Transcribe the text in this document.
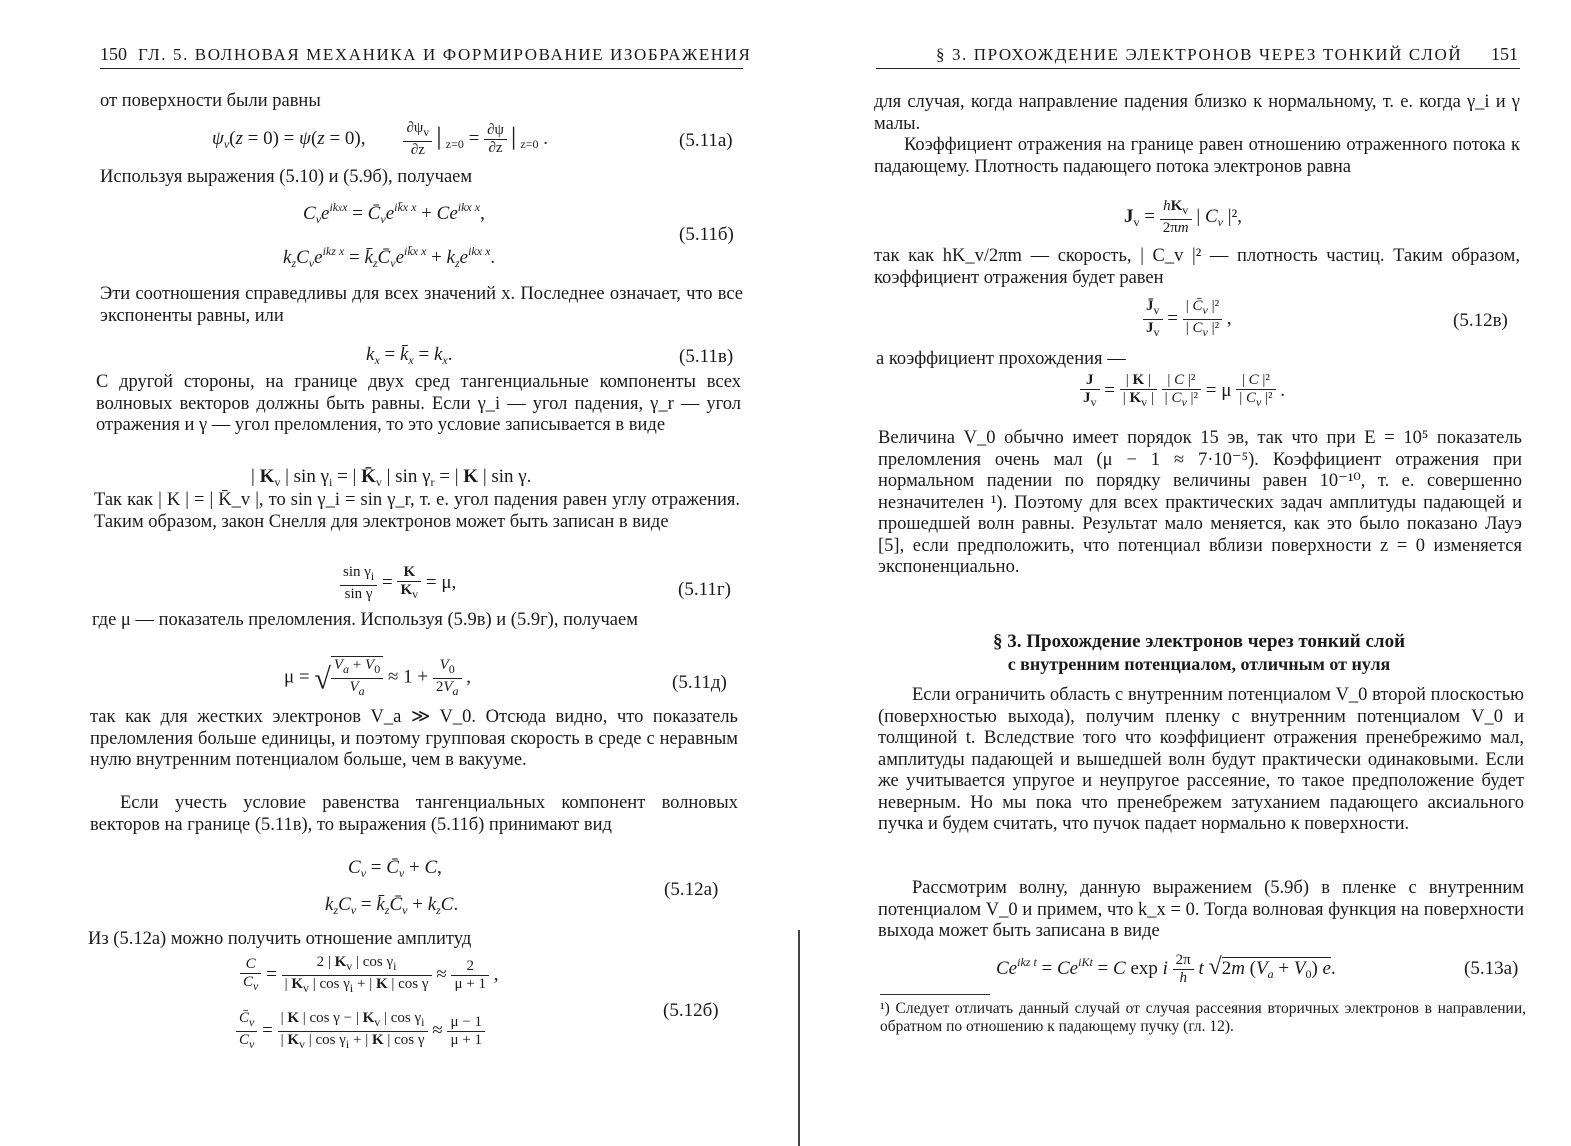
150 ГЛ. 5. ВОЛНОВАЯ МЕХАНИКА И ФОРМИРОВАНИЕ ИЗОБРАЖЕНИЯ
от поверхности были равны
$\psi_v(z = 0) = \psi(z = 0)$, $\frac{\partial\psi_v}{\partial z}$ $│_{z=0} = \frac{\partial\psi}{\partial z}$ $│_{z=0}$ .	(5.11а)
Используя выражения (5.10) и (5.9б), получаем
$C_ve^{ikxx}$ = $C̄_ve^{ik̄x x} + Ce^{ikx x}$,
$k_zC_ve^{ikz x}$ = $k̄_zC̄_ve^{ik̄x x} + k_ze^{ikx x}$.
(5.11б)
Эти соотношения справедливы для всех значений x. Последнее означает, что все экспоненты равны, или
$k_x$ = $k̄_x = k_x$.	(5.11в)
С другой стороны, на границе двух сред тангенциальные компоненты всех волновых векторов должны быть равны. Если γ_i — угол падения, γ_r — угол отражения и γ — угол преломления, то это условие записывается в виде
| $K_v$ | $\sin \gamma_i$ = | $K̄_v$ | $\sin \gamma_r$ = | K | sin γ.
Так как | K | = | K̄_v |, то sin γ_i = sin γ_r, т. е. угол падения равен углу отражения. Таким образом, закон Снелля для электронов может быть записан в виде
$\frac{\sin \gamma_i}{\text{sin γ}} = \frac{K}{K_v} = \mu$,	(5.11г)
где μ — показатель преломления. Используя (5.9в) и (5.9г), получаем
μ = √ $\frac{V_a + V_0}{V_a} \approx 1 + \frac{V_0}{2V_a}$ ,	(5.11д)
так как для жестких электронов V_a ≫ V_0. Отсюда видно, что показатель преломления больше единицы, и поэтому групповая скорость в среде с неравным нулю внутренним потенциалом больше, чем в вакууме.
Если учесть условие равенства тангенциальных компонент волновых векторов на границе (5.11в), то выражения (5.11б) принимают вид
$C_v$ = $C̄_v + C$,
$k_zC_v$ = $k̄_zC̄_v + k_zC$.
(5.12а)
Из (5.12а) можно получить отношение амплитуд
$\frac{C}{C_v} = \frac{2 | K_v | \cos \gamma_i}{| K_v | \cos \gamma_i + | K | \cos \gamma} \approx \frac{2}{\mu + 1}$ ,
$\frac{C̄_v}{C_v} = \frac{| K | \cos \gamma - | K_v | \cos \gamma_i}{| K_v | \cos \gamma_i + | K | \cos \gamma} \approx \frac{\mu - 1}{\mu + 1}$
(5.12б)
§ 3. ПРОХОЖДЕНИЕ ЭЛЕКТРОНОВ ЧЕРЕЗ ТОНКИЙ СЛОЙ 151
для случая, когда направление падения близко к нормальному, т. е. когда γ_i и γ малы.
Коэффициент отражения на границе равен отношению отраженного потока к падающему. Плотность падающего потока электронов равна
$J_v = \frac{hK_v}{2\pi m}$ | $C_v$ |²,
так как hK_v/2πm — скорость, | C_v |² — плотность частиц. Таким образом, коэффициент отражения будет равен
$\frac{J̄_v}{J_v} = \frac{| C̄_v |^2}{| C_v |^2}$ ,	(5.12в)
а коэффициент прохождения —
$\frac{J}{J_v} = \frac{| K |}{| K_v |}$
$\frac{\text{| C |²}}{| C_v |^2} = \mu \frac{\text{| C |²}}{| C_v |^2}$ .
Величина V_0 обычно имеет порядок 15 эв, так что при E = 10⁵ показатель преломления очень мал (μ − 1 ≈ 7·10⁻⁵). Коэффициент отражения при нормальном падении по порядку величины равен 10⁻¹⁰, т. е. совершенно незначителен ¹). Поэтому для всех практических задач амплитуды падающей и прошедшей волн равны. Результат мало меняется, как это было показано Лауэ [5], если предположить, что потенциал вблизи поверхности z = 0 изменяется экспоненциально.
§ 3. Прохождение электронов через тонкий слой
с внутренним потенциалом, отличным от нуля
Если ограничить область с внутренним потенциалом V_0 второй плоскостью (поверхностью выхода), получим пленку с внутренним потенциалом V_0 и толщиной t. Вследствие того что коэффициент отражения пренебрежимо мал, амплитуды падающей и вышедшей волн будут практически одинаковыми. Если же учитывается упругое и неупругое рассеяние, то такое предположение будет неверным. Но мы пока что пренебрежем затуханием падающего аксиального пучка и будем считать, что пучок падает нормально к поверхности.
Рассмотрим волну, данную выражением (5.9б) в пленке с внутренним потенциалом V_0 и примем, что k_x = 0. Тогда волновая функция на поверхности выхода может быть записана в виде
$Ce^{ikz t} = Ce^{iKt} = C$ exp i $\frac{2\pi}{h}$ t √2m $(V_a + V_0)$ e.	(5.13а)
¹) Следует отличать данный случай от случая рассеяния вторичных электронов в направлении, обратном по отношению к падающему пучку (гл. 12).
